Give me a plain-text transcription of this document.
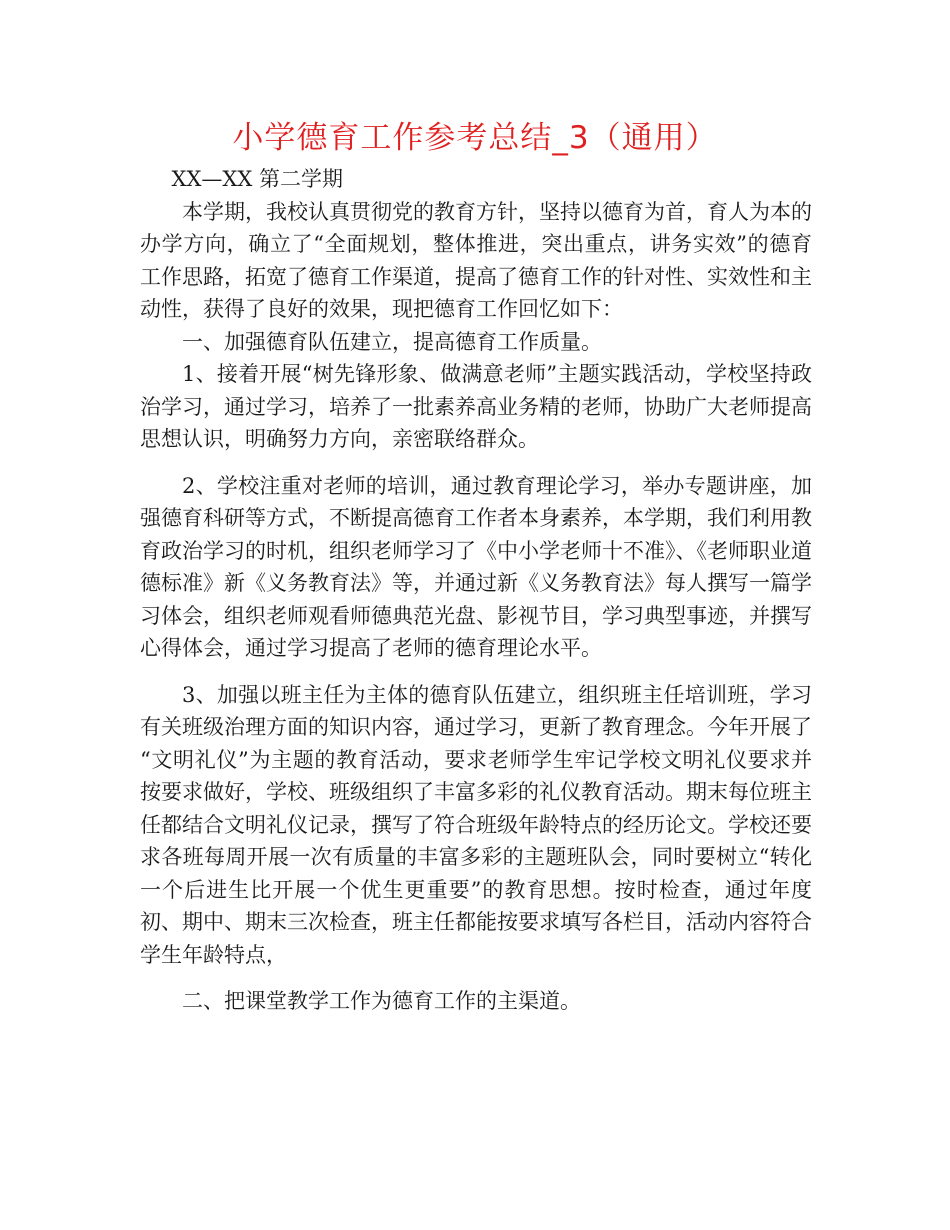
小学德育工作参考总结_3（通用）

XX—XX 第二学期

本学期，我校认真贯彻党的教育方针，坚持以德育为首，育人为本的办学方向，确立了“全面规划，整体推进，突出重点，讲务实效”的德育工作思路，拓宽了德育工作渠道，提高了德育工作的针对性、实效性和主动性，获得了良好的效果，现把德育工作回忆如下：

一、加强德育队伍建立，提高德育工作质量。

1、接着开展“树先锋形象、做满意老师”主题实践活动，学校坚持政治学习，通过学习，培养了一批素养高业务精的老师，协助广大老师提高思想认识，明确努力方向，亲密联络群众。

2、学校注重对老师的培训，通过教育理论学习，举办专题讲座，加强德育科研等方式，不断提高德育工作者本身素养，本学期，我们利用教育政治学习的时机，组织老师学习了《中小学老师十不准》、《老师职业道德标准》新《义务教育法》等，并通过新《义务教育法》每人撰写一篇学习体会，组织老师观看师德典范光盘、影视节目，学习典型事迹，并撰写心得体会，通过学习提高了老师的德育理论水平。

3、加强以班主任为主体的德育队伍建立，组织班主任培训班，学习有关班级治理方面的知识内容，通过学习，更新了教育理念。今年开展了 “文明礼仪”为主题的教育活动，要求老师学生牢记学校文明礼仪要求并按要求做好，学校、班级组织了丰富多彩的礼仪教育活动。期末每位班主任都结合文明礼仪记录，撰写了符合班级年龄特点的经历论文。学校还要求各班每周开展一次有质量的丰富多彩的主题班队会，同时要树立“转化一个后进生比开展一个优生更重要”的教育思想。按时检查，通过年度初、期中、期末三次检查，班主任都能按要求填写各栏目，活动内容符合学生年龄特点，

二、把课堂教学工作为德育工作的主渠道。
